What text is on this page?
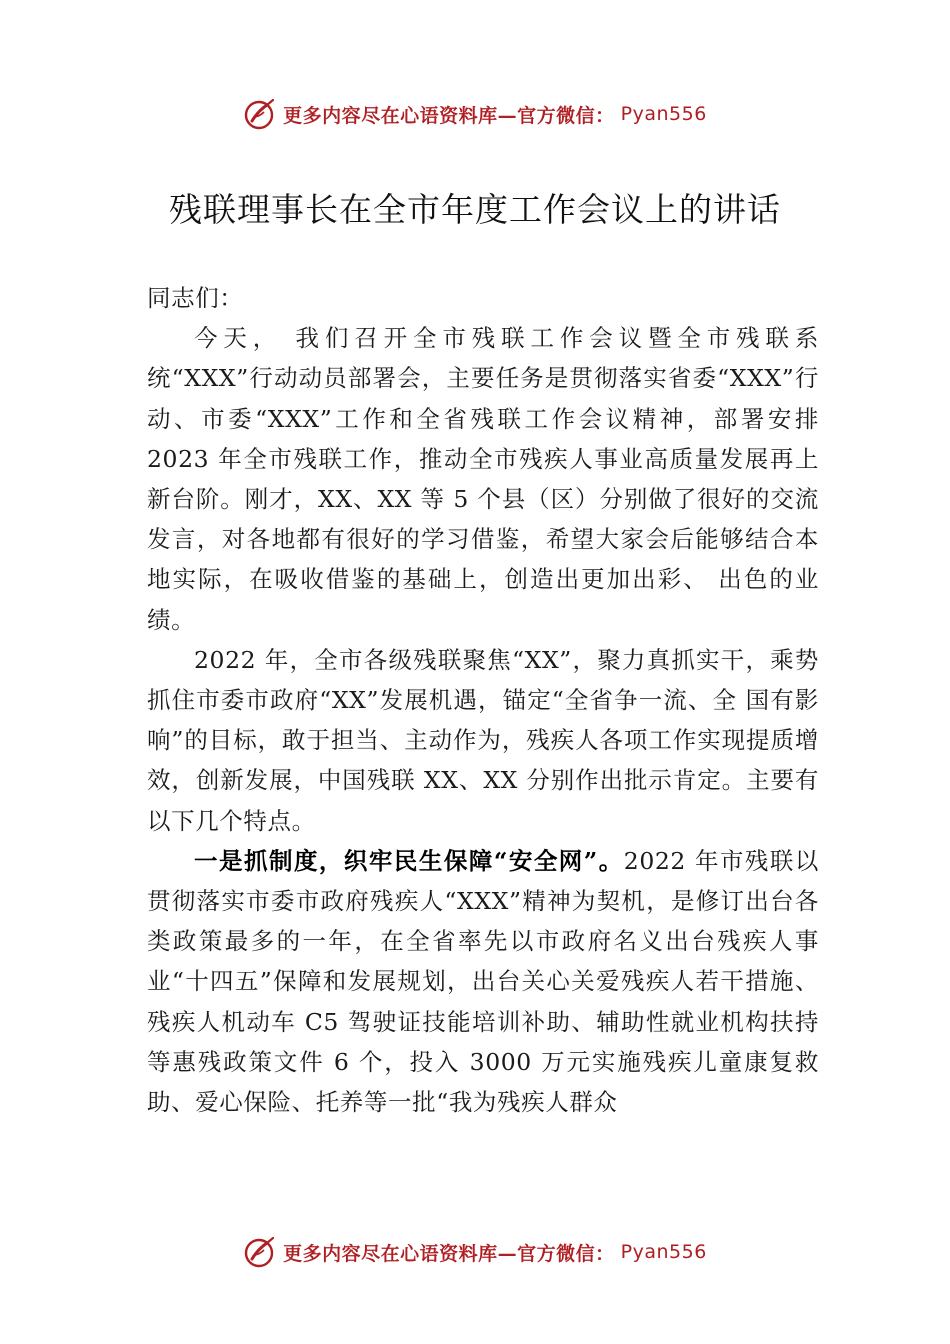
更多内容尽在心语资料库—官方微信： Pyan556
残联理事长在全市年度工作会议上的讲话

同志们：

今天， 我们召开全市残联工作会议暨全市残联系统“XXX”行动动员部署会，主要任务是贯彻落实省委“XXX”行动、市委“XXX”工作和全省残联工作会议精神，部署安排 2023 年全市残联工作，推动全市残疾人事业高质量发展再上新台阶。刚才，XX、XX 等 5 个县（区）分别做了很好的交流发言，对各地都有很好的学习借鉴，希望大家会后能够结合本地实际，在吸收借鉴的基础上，创造出更加出彩、 出色的业绩。

2022 年，全市各级残联聚焦“XX”，聚力真抓实干，乘势抓住市委市政府“XX”发展机遇，锚定“全省争一流、全 国有影响”的目标，敢于担当、主动作为，残疾人各项工作实现提质增效，创新发展，中国残联 XX、XX 分别作出批示肯定。主要有以下几个特点。

一是抓制度，织牢民生保障“安全网”。2022 年市残联以贯彻落实市委市政府残疾人“XXX”精神为契机，是修订出台各类政策最多的一年，在全省率先以市政府名义出台残疾人事业“十四五”保障和发展规划，出台关心关爱残疾人若干措施、残疾人机动车 C5 驾驶证技能培训补助、辅助性就业机构扶持等惠残政策文件 6 个，投入 3000 万元实施残疾儿童康复救助、爱心保险、托养等一批“我为残疾人群众

更多内容尽在心语资料库—官方微信： Pyan556
